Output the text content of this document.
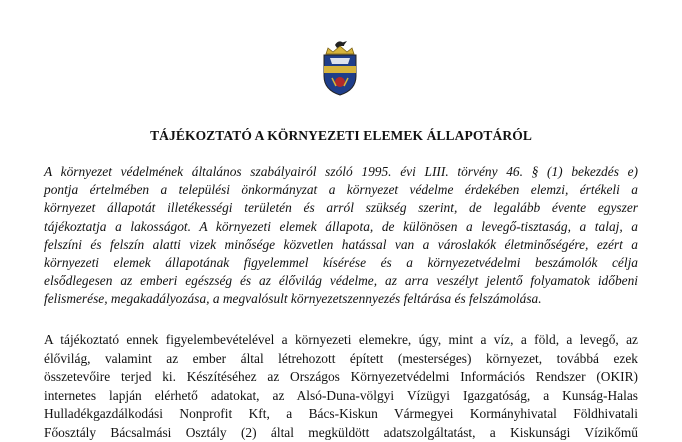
TÁJÉKOZTATÓ A KÖRNYEZETI ELEMEK ÁLLAPOTÁRÓL
A környezet védelmének általános szabályairól szóló 1995. évi LIII. törvény 46. § (1) bekezdés e)
pontja értelmében a települési önkormányzat a környezet védelme érdekében elemzi, értékeli a
környezet állapotát illetékességi területén és arról szükség szerint, de legalább évente egyszer
tájékoztatja a lakosságot. A környezeti elemek állapota, de különösen a levegő-tisztaság, a talaj, a
felszíni és felszín alatti vizek minősége közvetlen hatással van a városlakók életminőségére, ezért a
környezeti elemek állapotának figyelemmel kísérése és a környezetvédelmi beszámolók célja
elsődlegesen az emberi egészség és az élővilág védelme, az arra veszélyt jelentő folyamatok időbeni
felismerése, megakadályozása, a megvalósult környezetszennyezés feltárása és felszámolása.
A tájékoztató ennek figyelembevételével a környezeti elemekre, úgy, mint a víz, a föld, a levegő, az
élővilág, valamint az ember által létrehozott épített (mesterséges) környezet, továbbá ezek
összetevőire terjed ki. Készítéséhez az Országos Környezetvédelmi Információs Rendszer (OKIR)
internetes lapján elérhető adatokat, az Alsó-Duna-völgyi Vízügyi Igazgatóság, a Kunság-Halas
Hulladékgazdálkodási Nonprofit Kft, a Bács-Kiskun Vármegyei Kormányhivatal Földhivatali
Főosztály Bácsalmási Osztály (2) által megküldött adatszolgáltatást, a Kiskunsági Vízikőmű
